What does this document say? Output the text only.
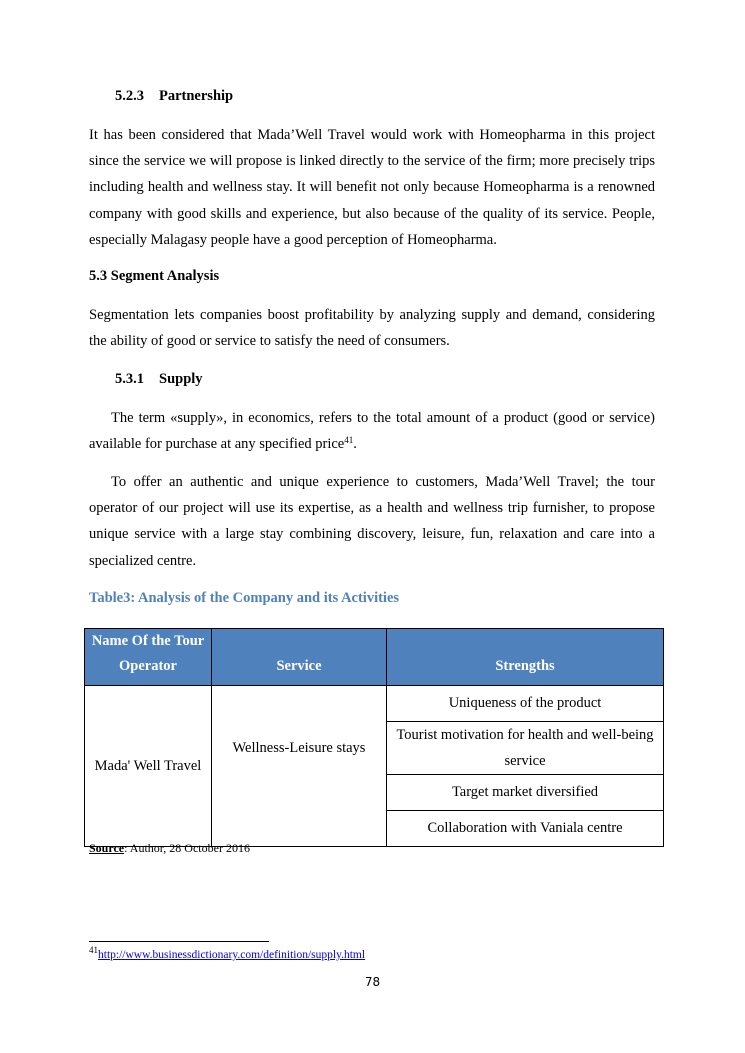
5.2.3 Partnership

It has been considered that Mada’Well Travel would work with Homeopharma in this project since the service we will propose is linked directly to the service of the firm; more precisely trips including health and wellness stay. It will benefit not only because Homeopharma is a renowned company with good skills and experience, but also because of the quality of its service. People, especially Malagasy people have a good perception of Homeopharma.

5.3 Segment Analysis

Segmentation lets companies boost profitability by analyzing supply and demand, considering the ability of good or service to satisfy the need of consumers.

5.3.1 Supply

The term «supply», in economics, refers to the total amount of a product (good or service) available for purchase at any specified price$^{41}$.

To offer an authentic and unique experience to customers, Mada’Well Travel; the tour operator of our project will use its expertise, as a health and wellness trip furnisher, to propose unique service with a large stay combining discovery, leisure, fun, relaxation and care into a specialized centre.

Table3: Analysis of the Company and its Activities
Name Of the Tour Operator	Service	Strengths
Mada' Well Travel	Wellness-Leisure stays	Uniqueness of the product
		Tourist motivation for health and well-being service
		Target market diversified
		Collaboration with Vaniala centre
Source: Author, 28 October 2016
$^{41}$http://www.businessdictionary.com/definition/supply.html
78
